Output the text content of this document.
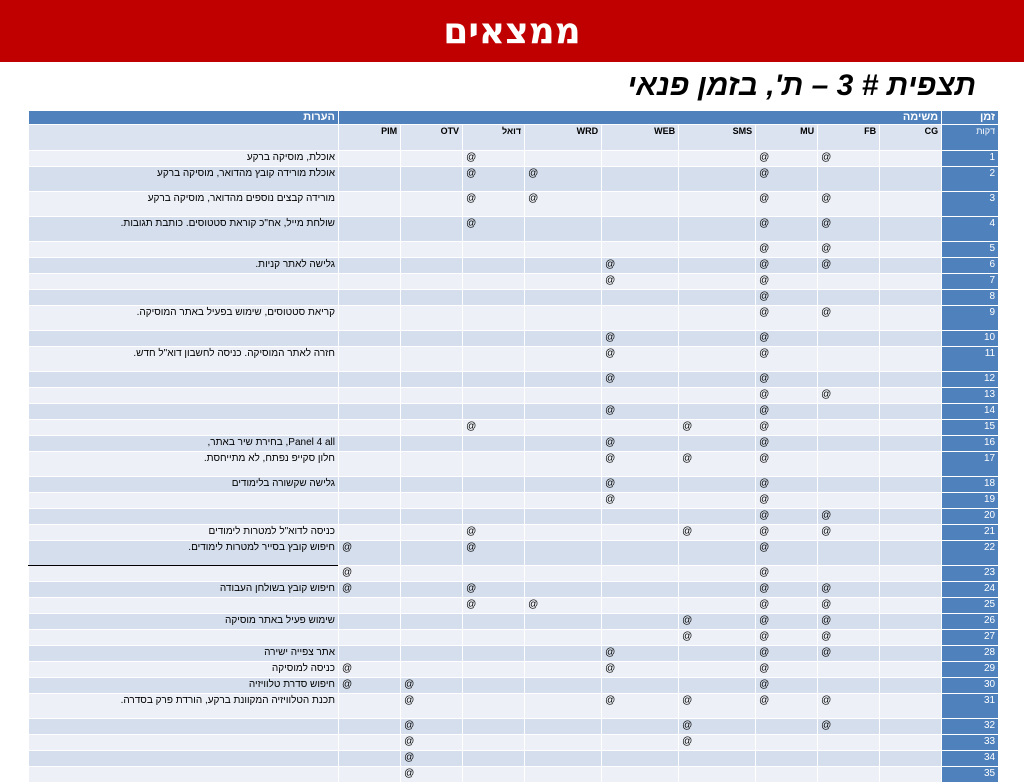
ממצאים
תצפית # 3 – ת', בזמן פנאי
זמן	משימה									הערות
דקות	CG	FB	MU	SMS	WEB	WRD	דואל	OTV	PIM	
1		@	@				@			אוכלת, מוסיקה ברקע
2			@			@	@			אוכלת מורידה קובץ מהדואר, מוסיקה ברקע
3		@	@			@	@			מורידה קבצים נוספים מהדואר, מוסיקה ברקע
4		@	@				@			שולחת מייל, אח"כ קוראת סטטוסים. כותבת תגובות.
5		@	@							
6		@	@		@					גלישה לאתר קניות.
7			@		@					
8			@							
9		@	@							קריאת סטטוסים, שימוש בפעיל באתר המוסיקה.
10			@		@					
11			@		@					חזרה לאתר המוסיקה. כניסה לחשבון דוא"ל חדש.
12			@		@					
13		@	@							
14			@		@					
15			@	@			@			
16			@		@					Panel 4 all, בחירת שיר באתר,
17			@	@	@					חלון סקייפ נפתח, לא מתייחסת.
18			@		@					גלישה שקשורה בלימודים
19			@		@					
20		@	@							
21		@	@	@			@			כניסה לדוא"ל למטרות לימודים
22			@				@		@	חיפוש קובץ בסייר למטרות לימודים.
23			@						@	
24		@	@				@		@	חיפוש קובץ בשולחן העבודה
25		@	@			@	@			
26		@	@	@						שימוש פעיל באתר מוסיקה
27		@	@	@						
28		@	@		@					אתר צפייה ישירה
29			@		@				@	כניסה למוסיקה
30			@					@	@	חיפוש סדרת טלוויזיה
31		@	@	@	@			@		תכנת הטלוויזיה המקוונת ברקע, הורדת פרק בסדרה.
32		@		@				@		
33				@				@		
34								@		
35								@		
